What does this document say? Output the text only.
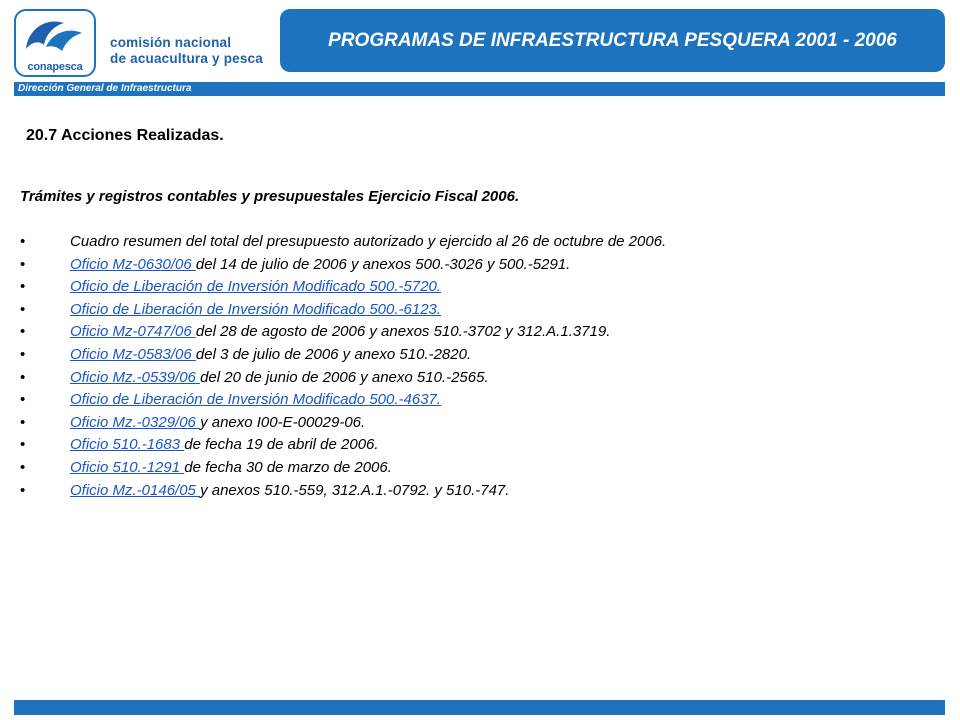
conapesca
comisión nacional
de acuacultura y pesca
PROGRAMAS DE INFRAESTRUCTURA PESQUERA 2001 - 2006
Dirección General de Infraestructura
20.7 Acciones Realizadas.
Trámites y registros contables y presupuestales Ejercicio Fiscal 2006.
•	Cuadro resumen del total del presupuesto autorizado y ejercido al 26 de octubre de 2006.
•	Oficio Mz-0630/06 del 14 de julio de 2006 y anexos 500.-3026 y 500.-5291.
•	Oficio de Liberación de Inversión Modificado 500.-5720.
•	Oficio de Liberación de Inversión Modificado 500.-6123.
•	Oficio Mz-0747/06 del 28 de agosto de 2006 y anexos 510.-3702 y 312.A.1.3719.
•	Oficio Mz-0583/06 del 3 de julio de 2006 y anexo 510.-2820.
•	Oficio Mz.-0539/06 del 20 de junio de 2006 y anexo 510.-2565.
•	Oficio de Liberación de Inversión Modificado 500.-4637.
•	Oficio Mz.-0329/06 y anexo I00-E-00029-06.
•	Oficio 510.-1683 de fecha 19 de abril de 2006.
•	Oficio 510.-1291 de fecha 30 de marzo de 2006.
•	Oficio Mz.-0146/05 y anexos 510.-559, 312.A.1.-0792. y 510.-747.
